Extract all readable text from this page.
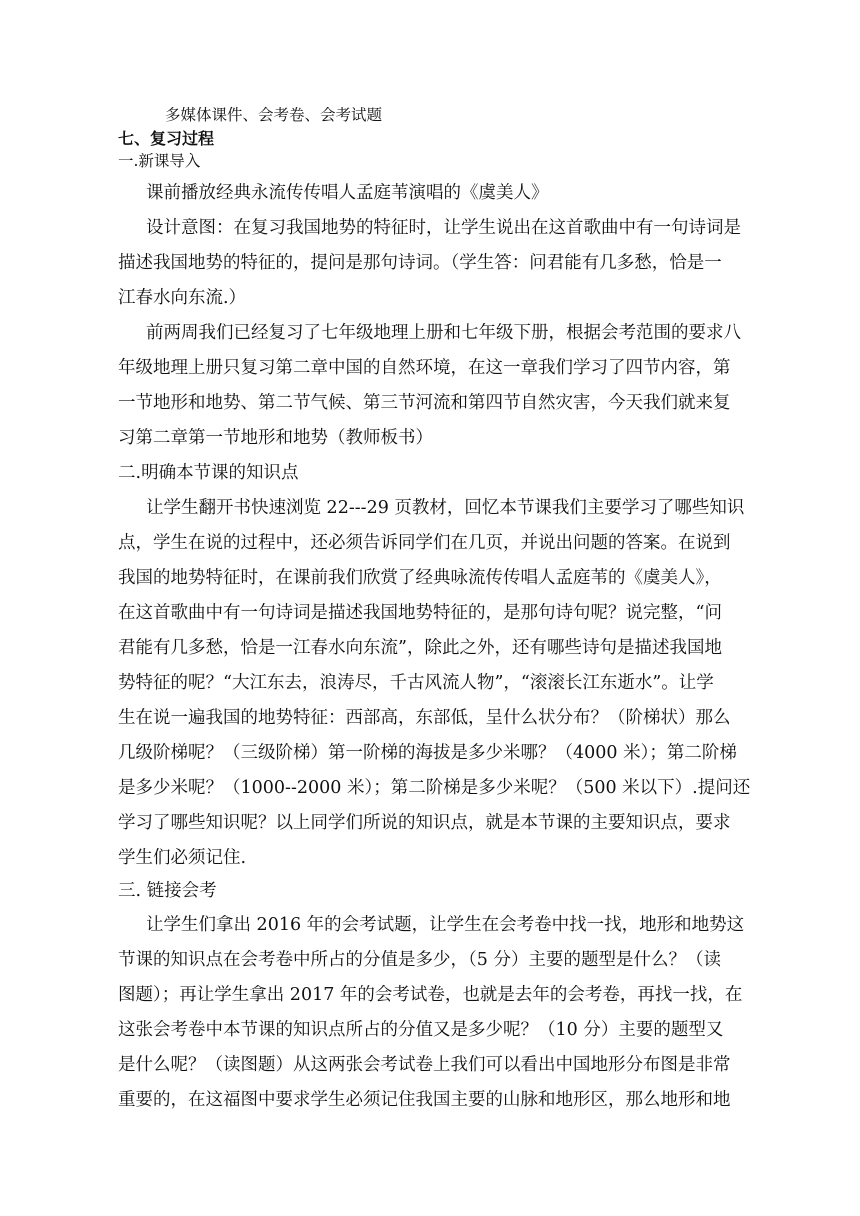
多媒体课件、会考卷、会考试题
七、复习过程
一.新课导入
课前播放经典永流传传唱人孟庭苇演唱的《虞美人》
设计意图：在复习我国地势的特征时，让学生说出在这首歌曲中有一句诗词是
描述我国地势的特征的，提问是那句诗词。（学生答：问君能有几多愁，恰是一
江春水向东流.）
前两周我们已经复习了七年级地理上册和七年级下册，根据会考范围的要求八
年级地理上册只复习第二章中国的自然环境，在这一章我们学习了四节内容，第
一节地形和地势、第二节气候、第三节河流和第四节自然灾害，今天我们就来复
习第二章第一节地形和地势（教师板书）
二.明确本节课的知识点
让学生翻开书快速浏览 22---29 页教材，回忆本节课我们主要学习了哪些知识
点，学生在说的过程中，还必须告诉同学们在几页，并说出问题的答案。在说到
我国的地势特征时，在课前我们欣赏了经典咏流传传唱人孟庭苇的《虞美人》，
在这首歌曲中有一句诗词是描述我国地势特征的，是那句诗句呢？说完整，“问
君能有几多愁，恰是一江春水向东流”，除此之外，还有哪些诗句是描述我国地
势特征的呢？“大江东去，浪涛尽，千古风流人物”，“滚滚长江东逝水”。让学
生在说一遍我国的地势特征：西部高，东部低，呈什么状分布？（阶梯状）那么
几级阶梯呢？（三级阶梯）第一阶梯的海拔是多少米哪？（4000 米）；第二阶梯
是多少米呢？（1000--2000 米）；第二阶梯是多少米呢？（500 米以下）.提问还
学习了哪些知识呢？以上同学们所说的知识点，就是本节课的主要知识点，要求
学生们必须记住.
三. 链接会考
让学生们拿出 2016 年的会考试题，让学生在会考卷中找一找，地形和地势这
节课的知识点在会考卷中所占的分值是多少，（5 分）主要的题型是什么？（读
图题）；再让学生拿出 2017 年的会考试卷，也就是去年的会考卷，再找一找，在
这张会考卷中本节课的知识点所占的分值又是多少呢？（10 分）主要的题型又
是什么呢？（读图题）从这两张会考试卷上我们可以看出中国地形分布图是非常
重要的，在这福图中要求学生必须记住我国主要的山脉和地形区，那么地形和地
